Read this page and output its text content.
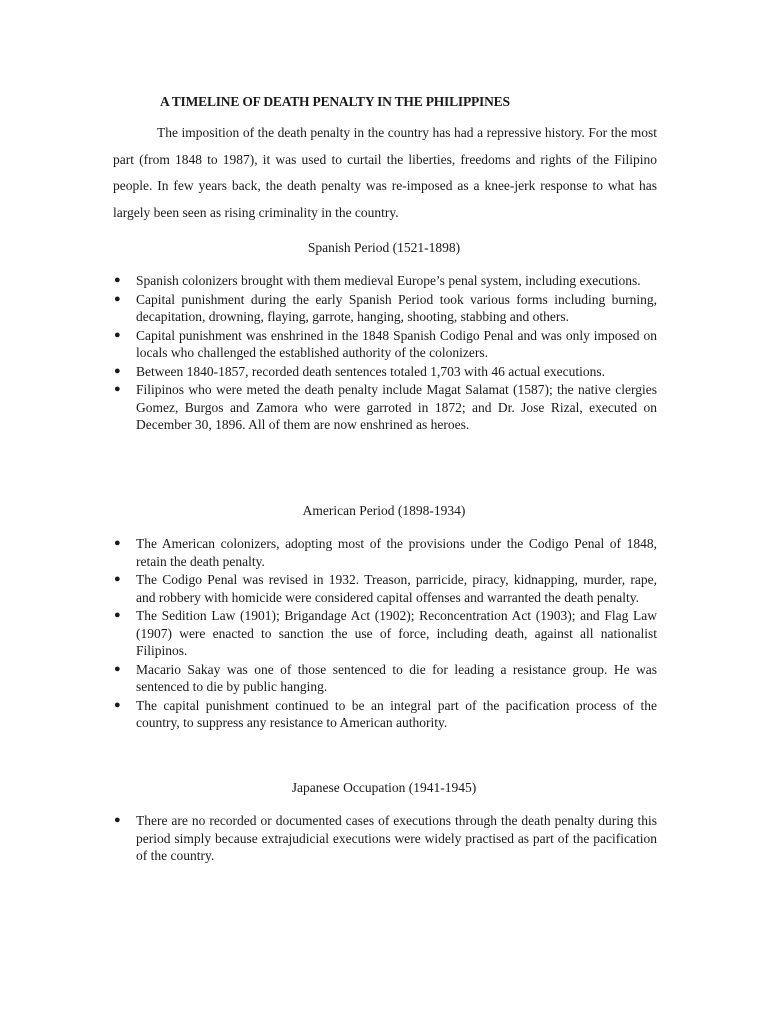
A TIMELINE OF DEATH PENALTY IN THE PHILIPPINES

The imposition of the death penalty in the country has had a repressive history. For the most part (from 1848 to 1987), it was used to curtail the liberties, freedoms and rights of the Filipino people. In few years back, the death penalty was re-imposed as a knee-jerk response to what has largely been seen as rising criminality in the country.

Spanish Period (1521-1898)
● Spanish colonizers brought with them medieval Europe’s penal system, including executions.
● Capital punishment during the early Spanish Period took various forms including burning, decapitation, drowning, flaying, garrote, hanging, shooting, stabbing and others.
● Capital punishment was enshrined in the 1848 Spanish Codigo Penal and was only imposed on locals who challenged the established authority of the colonizers.
● Between 1840-1857, recorded death sentences totaled 1,703 with 46 actual executions.
● Filipinos who were meted the death penalty include Magat Salamat (1587); the native clergies Gomez, Burgos and Zamora who were garroted in 1872; and Dr. Jose Rizal, executed on December 30, 1896. All of them are now enshrined as heroes.
American Period (1898-1934)
● The American colonizers, adopting most of the provisions under the Codigo Penal of 1848, retain the death penalty.
● The Codigo Penal was revised in 1932. Treason, parricide, piracy, kidnapping, murder, rape, and robbery with homicide were considered capital offenses and warranted the death penalty.
● The Sedition Law (1901); Brigandage Act (1902); Reconcentration Act (1903); and Flag Law (1907) were enacted to sanction the use of force, including death, against all nationalist Filipinos.
● Macario Sakay was one of those sentenced to die for leading a resistance group. He was sentenced to die by public hanging.
● The capital punishment continued to be an integral part of the pacification process of the country, to suppress any resistance to American authority.
Japanese Occupation (1941-1945)
● There are no recorded or documented cases of executions through the death penalty during this period simply because extrajudicial executions were widely practised as part of the pacification of the country.
